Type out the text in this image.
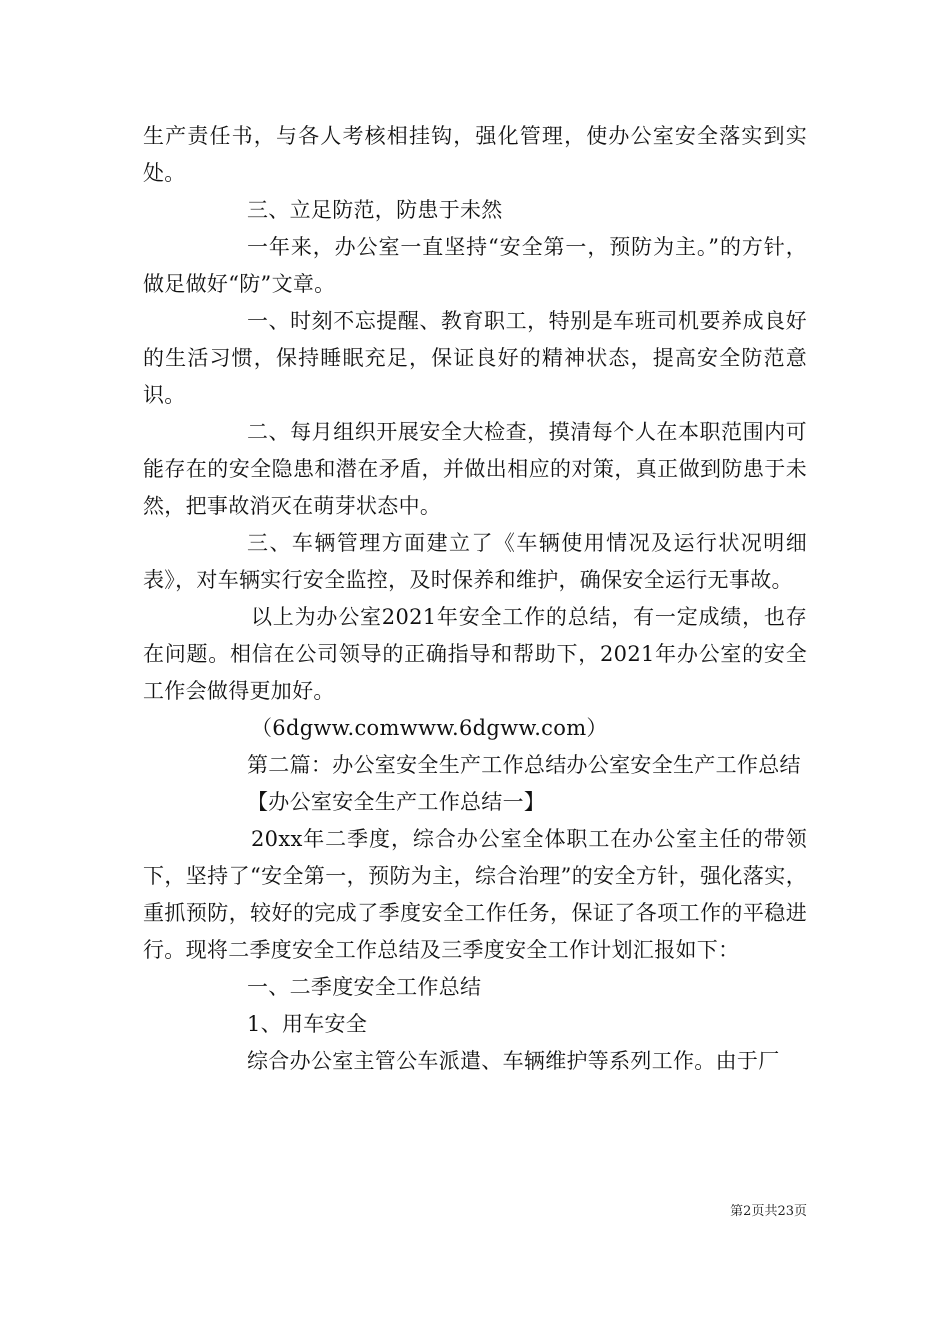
生产责任书，与各人考核相挂钩，强化管理，使办公室安全落实到实处。

三、立足防范，防患于未然

一年来，办公室一直坚持“安全第一，预防为主。”的方针，做足做好“防”文章。

一、时刻不忘提醒、教育职工，特别是车班司机要养成良好的生活习惯，保持睡眠充足，保证良好的精神状态，提高安全防范意识。

二、每月组织开展安全大检查，摸清每个人在本职范围内可能存在的安全隐患和潜在矛盾，并做出相应的对策，真正做到防患于未然，把事故消灭在萌芽状态中。

三、车辆管理方面建立了《车辆使用情况及运行状况明细表》，对车辆实行安全监控，及时保养和维护，确保安全运行无事故。

以上为办公室2021年安全工作的总结，有一定成绩，也存在问题。相信在公司领导的正确指导和帮助下，2021年办公室的安全工作会做得更加好。

（6dgww.comwww.6dgww.com）

第二篇：办公室安全生产工作总结办公室安全生产工作总结

【办公室安全生产工作总结一】

20xx年二季度，综合办公室全体职工在办公室主任的带领下，坚持了“安全第一，预防为主，综合治理”的安全方针，强化落实，重抓预防，较好的完成了季度安全工作任务，保证了各项工作的平稳进行。现将二季度安全工作总结及三季度安全工作计划汇报如下：

一、二季度安全工作总结

1、用车安全

综合办公室主管公车派遣、车辆维护等系列工作。由于厂

第2页共23页
